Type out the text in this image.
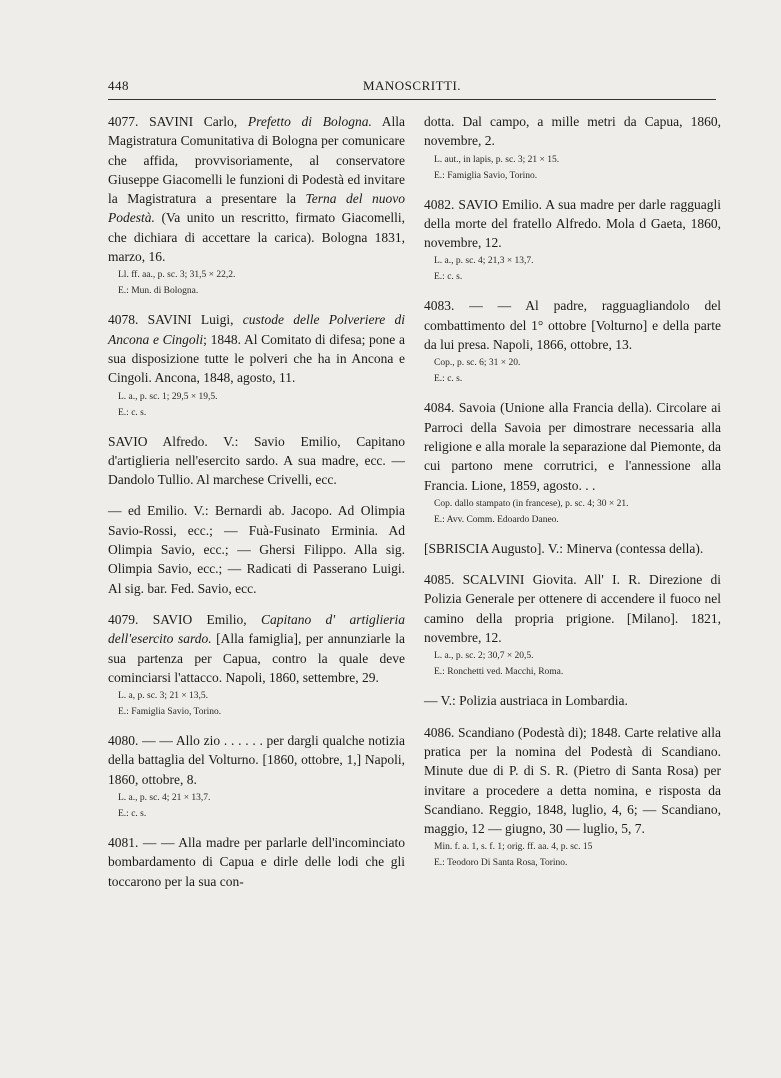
448	MANOSCRITTI.
4077. SAVINI Carlo, Prefetto di Bologna. Alla Magistratura Comunitativa di Bologna per comunicare che affida, provvisoriamente, al conservatore Giuseppe Giacomelli le funzioni di Podestà ed invitare la Magistratura a presentare la Terna del nuovo Podestà. (Va unito un rescritto, firmato Giacomelli, che dichiara di accettare la carica). Bologna 1831, marzo, 16.
Ll. ff. aa., p. sc. 3; 31,5 × 22,2.
E.: Mun. di Bologna.
4078. SAVINI Luigi, custode delle Polveriere di Ancona e Cingoli; 1848. Al Comitato di difesa; pone a sua disposizione tutte le polveri che ha in Ancona e Cingoli. Ancona, 1848, agosto, 11.
L. a., p. sc. 1; 29,5 × 19,5.
E.: c. s.
SAVIO Alfredo. V.: Savio Emilio, Capitano d'artiglieria nell'esercito sardo. A sua madre, ecc. — Dandolo Tullio. Al marchese Crivelli, ecc.
— ed Emilio. V.: Bernardi ab. Jacopo. Ad Olimpia Savio-Rossi, ecc.; — Fuà-Fusinato Erminia. Ad Olimpia Savio, ecc.; — Ghersi Filippo. Alla sig. Olimpia Savio, ecc.; — Radicati di Passerano Luigi. Al sig. bar. Fed. Savio, ecc.
4079. SAVIO Emilio, Capitano d' artiglieria dell'esercito sardo. [Alla famiglia], per annunziarle la sua partenza per Capua, contro la quale deve cominciarsi l'attacco. Napoli, 1860, settembre, 29.
L. a, p. sc. 3; 21 × 13,5.
E.: Famiglia Savio, Torino.
4080. — — Allo zio . . . . . . per dargli qualche notizia della battaglia del Volturno. [1860, ottobre, 1,] Napoli, 1860, ottobre, 8.
L. a., p. sc. 4; 21 × 13,7.
E.: c. s.
4081. — — Alla madre per parlarle dell'incominciato bombardamento di Capua e dirle delle lodi che gli toccarono per la sua con-
dotta. Dal campo, a mille metri da Capua, 1860, novembre, 2.
L. aut., in lapis, p. sc. 3; 21 × 15.
E.: Famiglia Savio, Torino.
4082. SAVIO Emilio. A sua madre per darle ragguagli della morte del fratello Alfredo. Mola d Gaeta, 1860, novembre, 12.
L. a., p. sc. 4; 21,3 × 13,7.
E.: c. s.
4083. — — Al padre, ragguagliandolo del combattimento del 1° ottobre [Volturno] e della parte da lui presa. Napoli, 1866, ottobre, 13.
Cop., p. sc. 6; 31 × 20.
E.: c. s.
4084. Savoia (Unione alla Francia della). Circolare ai Parroci della Savoia per dimostrare necessaria alla religione e alla morale la separazione dal Piemonte, da cui partono mene corrutrici, e l'annessione alla Francia. Lione, 1859, agosto. . .
Cop. dallo stampato (in francese), p. sc. 4; 30 × 21.
E.: Avv. Comm. Edoardo Daneo.
[SBRISCIA Augusto]. V.: Minerva (contessa della).
4085. SCALVINI Giovita. All' I. R. Direzione di Polizia Generale per ottenere di accendere il fuoco nel camino della propria prigione. [Milano]. 1821, novembre, 12.
L. a., p. sc. 2; 30,7 × 20,5.
E.: Ronchetti ved. Macchi, Roma.
— V.: Polizia austriaca in Lombardia.
4086. Scandiano (Podestà di); 1848. Carte relative alla pratica per la nomina del Podestà di Scandiano. Minute due di P. di S. R. (Pietro di Santa Rosa) per invitare a procedere a detta nomina, e risposta da Scandiano. Reggio, 1848, luglio, 4, 6; — Scandiano, maggio, 12 — giugno, 30 — luglio, 5, 7.
Min. f. a. 1, s. f. 1; orig. ff. aa. 4, p. sc. 15
E.: Teodoro Di Santa Rosa, Torino.
